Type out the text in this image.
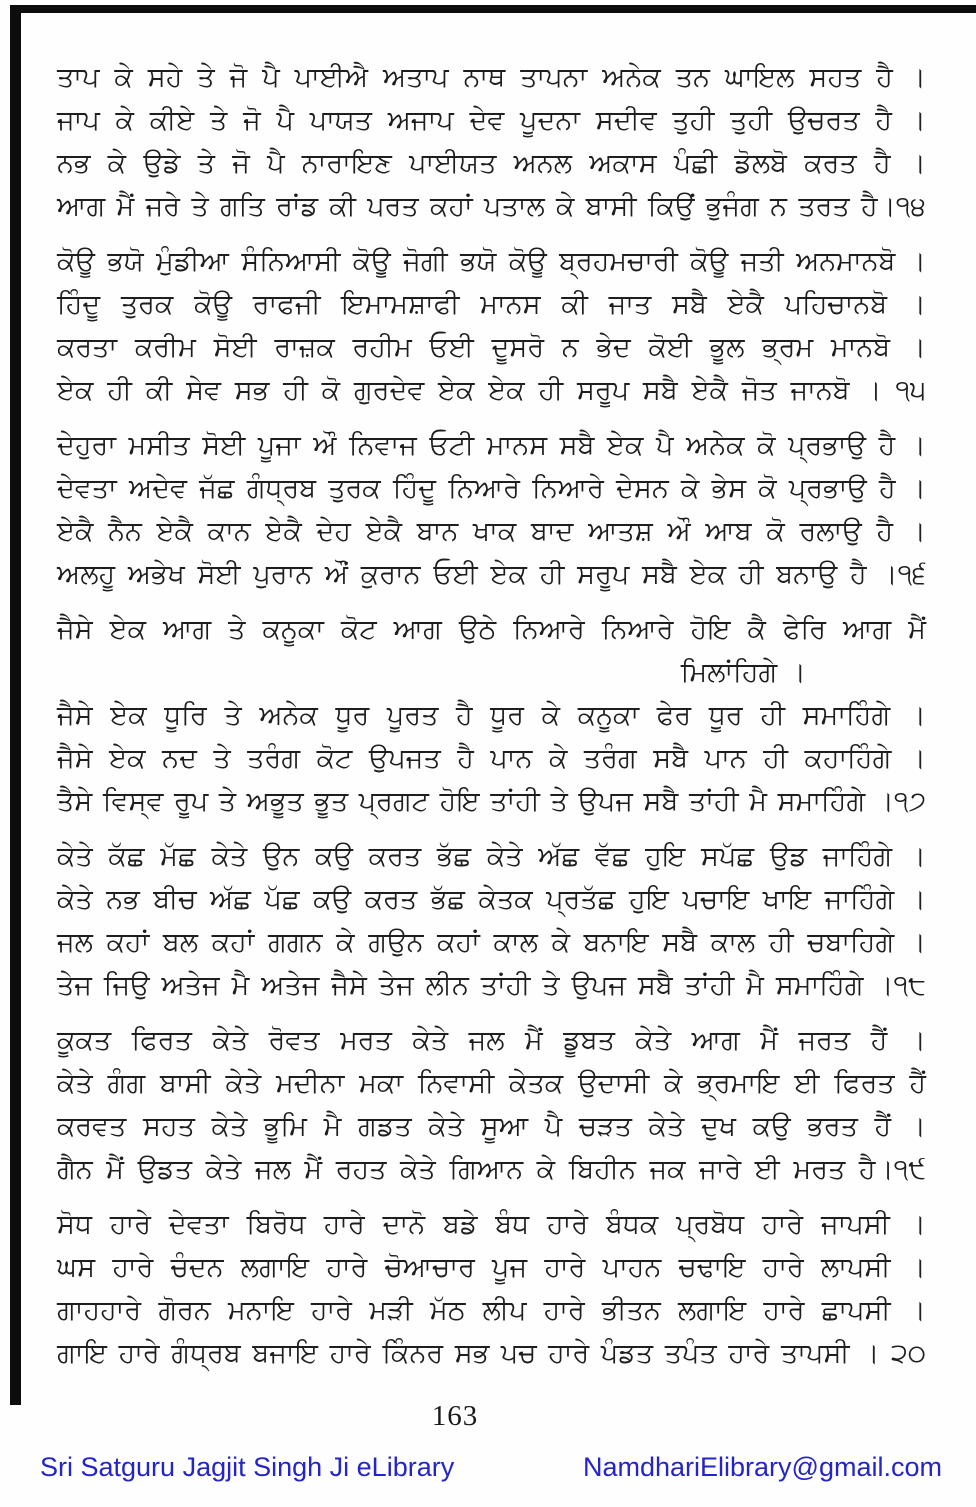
ਤਾਪ ਕੇ ਸਹੇ ਤੇ ਜੋ ਪੈ ਪਾਈਐ ਅਤਾਪ ਨਾਥ ਤਾਪਨਾ ਅਨੇਕ ਤਨ ਘਾਇਲ ਸਹਤ ਹੈ ।

ਜਾਪ ਕੇ ਕੀਏ ਤੇ ਜੋ ਪੈ ਪਾਯਤ ਅਜਾਪ ਦੇਵ ਪੂਦਨਾ ਸਦੀਵ ਤੁਹੀ ਤੁਹੀ ਉਚਰਤ ਹੈ ।

ਨਭ ਕੇ ਉਡੇ ਤੇ ਜੋ ਪੈ ਨਾਰਾਇਣ ਪਾਈਯਤ ਅਨਲ ਅਕਾਸ ਪੰਛੀ ਡੋਲਬੋ ਕਰਤ ਹੈ ।

ਆਗ ਮੈਂ ਜਰੇ ਤੇ ਗਤਿ ਰਾਂਡ ਕੀ ਪਰਤ ਕਹਾਂ ਪਤਾਲ ਕੇ ਬਾਸੀ ਕਿਉਂ ਭੁਜੰਗ ਨ ਤਰਤ ਹੈ।੧੪

ਕੋਊ ਭਯੋ ਮੁੰਡੀਆ ਸੰਨਿਆਸੀ ਕੋਊ ਜੋਗੀ ਭਯੋ ਕੋਊ ਬ੍ਰਹਮਚਾਰੀ ਕੋਊ ਜਤੀ ਅਨਮਾਨਬੋ ।

ਹਿੰਦੂ ਤੁਰਕ ਕੋਊ ਰਾਫਜੀ ਇਮਾਮਸ਼ਾਫੀ ਮਾਨਸ ਕੀ ਜਾਤ ਸਬੈ ਏਕੈ ਪਹਿਚਾਨਬੋ ।

ਕਰਤਾ ਕਰੀਮ ਸੋਈ ਰਾਜ਼ਕ ਰਹੀਮ ਓਈ ਦੂਸਰੋ ਨ ਭੇਦ ਕੋਈ ਭੂਲ ਭ੍ਰਮ ਮਾਨਬੋ ।

ਏਕ ਹੀ ਕੀ ਸੇਵ ਸਭ ਹੀ ਕੋ ਗੁਰਦੇਵ ਏਕ ਏਕ ਹੀ ਸਰੂਪ ਸਬੈ ਏਕੈ ਜੋਤ ਜਾਨਬੋ । ੧੫

ਦੇਹੁਰਾ ਮਸੀਤ ਸੋਈ ਪੂਜਾ ਔ ਨਿਵਾਜ ਓਟੀ ਮਾਨਸ ਸਬੈ ਏਕ ਪੈ ਅਨੇਕ ਕੋ ਪ੍ਰਭਾਉ ਹੈ ।

ਦੇਵਤਾ ਅਦੇਵ ਜੱਛ ਗੰਧ੍ਰਬ ਤੁਰਕ ਹਿੰਦੂ ਨਿਆਰੇ ਨਿਆਰੇ ਦੇਸਨ ਕੇ ਭੇਸ ਕੋ ਪ੍ਰਭਾਉ ਹੈ ।

ਏਕੈ ਨੈਨ ਏਕੈ ਕਾਨ ਏਕੈ ਦੇਹ ਏਕੈ ਬਾਨ ਖਾਕ ਬਾਦ ਆਤਸ਼ ਔ ਆਬ ਕੋ ਰਲਾਉ ਹੈ ।

ਅਲਹੂ ਅਭੇਖ ਸੋਈ ਪੁਰਾਨ ਔਂ ਕੁਰਾਨ ਓਈ ਏਕ ਹੀ ਸਰੂਪ ਸਬੈ ਏਕ ਹੀ ਬਨਾਉ ਹੈ ।੧੬

ਜੈਸੇ ਏਕ ਆਗ ਤੇ ਕਨੂਕਾ ਕੋਟ ਆਗ ਉਠੇ ਨਿਆਰੇ ਨਿਆਰੇ ਹੋਇ ਕੈ ਫੇਰਿ ਆਗ ਮੈਂ

ਮਿਲਾਂਹਿਗੇ ।

ਜੈਸੇ ਏਕ ਧੂਰਿ ਤੇ ਅਨੇਕ ਧੂਰ ਪੂਰਤ ਹੈ ਧੂਰ ਕੇ ਕਨੂਕਾ ਫੇਰ ਧੂਰ ਹੀ ਸਮਾਹਿੰਗੇ ।

ਜੈਸੇ ਏਕ ਨਦ ਤੇ ਤਰੰਗ ਕੋਟ ਉਪਜਤ ਹੈ ਪਾਨ ਕੇ ਤਰੰਗ ਸਬੈ ਪਾਨ ਹੀ ਕਹਾਹਿੰਗੇ ।

ਤੈਸੇ ਵਿਸ੍ਵ ਰੂਪ ਤੇ ਅਭੂਤ ਭੂਤ ਪ੍ਰਗਟ ਹੋਇ ਤਾਂਹੀ ਤੇ ਉਪਜ ਸਬੈ ਤਾਂਹੀ ਮੈ ਸਮਾਹਿੰਗੇ ।੧੭

ਕੇਤੇ ਕੱਛ ਮੱਛ ਕੇਤੇ ਉਨ ਕਉ ਕਰਤ ਭੱਛ ਕੇਤੇ ਅੱਛ ਵੱਛ ਹੁਇ ਸਪੱਛ ਉਡ ਜਾਹਿੰਗੇ ।

ਕੇਤੇ ਨਭ ਬੀਚ ਅੱਛ ਪੱਛ ਕਉ ਕਰਤ ਭੱਛ ਕੇਤਕ ਪ੍ਰਤੱਛ ਹੁਇ ਪਚਾਇ ਖਾਇ ਜਾਹਿੰਗੇ ।

ਜਲ ਕਹਾਂ ਬਲ ਕਹਾਂ ਗਗਨ ਕੇ ਗਉਨ ਕਹਾਂ ਕਾਲ ਕੇ ਬਨਾਇ ਸਬੈ ਕਾਲ ਹੀ ਚਬਾਹਿਗੇ ।

ਤੇਜ ਜਿਉ ਅਤੇਜ ਮੈ ਅਤੇਜ ਜੈਸੇ ਤੇਜ ਲੀਨ ਤਾਂਹੀ ਤੇ ਉਪਜ ਸਬੈ ਤਾਂਹੀ ਮੈ ਸਮਾਹਿੰਗੇ ।੧੮

ਕੂਕਤ ਫਿਰਤ ਕੇਤੇ ਰੋਵਤ ਮਰਤ ਕੇਤੇ ਜਲ ਮੈਂ ਡੂਬਤ ਕੇਤੇ ਆਗ ਮੈਂ ਜਰਤ ਹੈਂ ।

ਕੇਤੇ ਗੰਗ ਬਾਸੀ ਕੇਤੇ ਮਦੀਨਾ ਮਕਾ ਨਿਵਾਸੀ ਕੇਤਕ ਉਦਾਸੀ ਕੇ ਭ੍ਰਮਾਇ ਈ ਫਿਰਤ ਹੈਂ

ਕਰਵਤ ਸਹਤ ਕੇਤੇ ਭੂਮਿ ਮੈ ਗਡਤ ਕੇਤੇ ਸੂਆ ਪੈ ਚੜਤ ਕੇਤੇ ਦੁਖ ਕਉ ਭਰਤ ਹੈਂ ।

ਗੈਨ ਮੈਂ ਉਡਤ ਕੇਤੇ ਜਲ ਮੈਂ ਰਹਤ ਕੇਤੇ ਗਿਆਨ ਕੇ ਬਿਹੀਨ ਜਕ ਜਾਰੇ ਈ ਮਰਤ ਹੈ।੧੯

ਸੋਧ ਹਾਰੇ ਦੇਵਤਾ ਬਿਰੋਧ ਹਾਰੇ ਦਾਨੋ ਬਡੇ ਬੰਧ ਹਾਰੇ ਬੰਧਕ ਪ੍ਰਬੋਧ ਹਾਰੇ ਜਾਪਸੀ ।

ਘਸ ਹਾਰੇ ਚੰਦਨ ਲਗਾਇ ਹਾਰੇ ਚੋਆਚਾਰ ਪੂਜ ਹਾਰੇ ਪਾਹਨ ਚਢਾਇ ਹਾਰੇ ਲਾਪਸੀ ।

ਗਾਹਹਾਰੇ ਗੋਰਨ ਮਨਾਇ ਹਾਰੇ ਮੜੀ ਮੱਠ ਲੀਪ ਹਾਰੇ ਭੀਤਨ ਲਗਾਇ ਹਾਰੇ ਛਾਪਸੀ ।

ਗਾਇ ਹਾਰੇ ਗੰਧ੍ਰਬ ਬਜਾਇ ਹਾਰੇ ਕਿੰਨਰ ਸਭ ਪਚ ਹਾਰੇ ਪੰਡਤ ਤਪੰਤ ਹਾਰੇ ਤਾਪਸੀ । ੨੦

163
Sri Satguru Jagjit Singh Ji eLibrary	NamdhariElibrary@gmail.com
